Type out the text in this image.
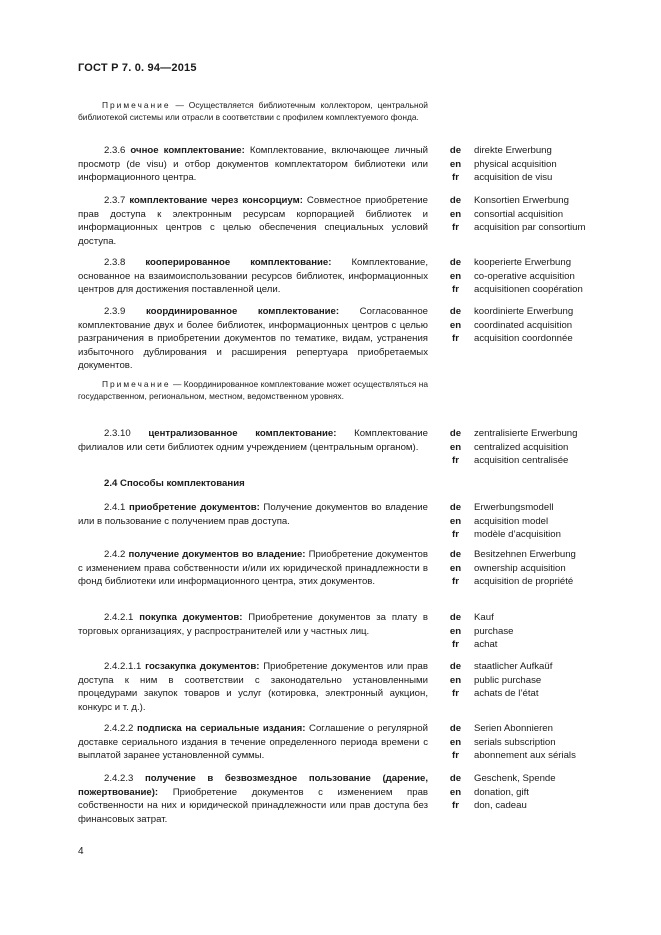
ГОСТ Р 7. 0. 94—2015
Примечание — Осуществляется библиотечным коллектором, центральной библиотекой системы или отрасли в соответствии с профилем комплектуемого фонда.
2.3.6 очное комплектование: Комплектование, включающее личный просмотр (de visu) и отбор документов комплектатором библиотеки или информационного центра.
de	direkte Erwerbung
en	physical acquisition
fr	acquisition de visu
2.3.7 комплектование через консорциум: Совместное приобретение прав доступа к электронным ресурсам корпорацией библиотек и информационных центров с целью обеспечения специальных условий доступа.
de	Konsortien Erwerbung
en	consortial acquisition
fr	acquisition par consortium
2.3.8 кооперированное комплектование: Комплектование, основанное на взаимоиспользовании ресурсов библиотек, информационных центров для достижения поставленной цели.
de	kooperierte Erwerbung
en	co-operative acquisition
fr	acquisitionen coopération
2.3.9 координированное комплектование: Согласованное комплектование двух и более библиотек, информационных центров с целью разграничения в приобретении документов по тематике, видам, устранения избыточного дублирования и расширения репертуара приобретаемых документов.
de	koordinierte Erwerbung
en	coordinated acquisition
fr	acquisition coordonnée
Примечание — Координированное комплектование может осуществляться на государственном, региональном, местном, ведомственном уровнях.
2.3.10 централизованное комплектование: Комплектование филиалов или сети библиотек одним учреждением (центральным органом).
de	zentralisierte Erwerbung
en	centralized acquisition
fr	acquisition centralisée
2.4 Способы комплектования
2.4.1 приобретение документов: Получение документов во владение или в пользование с получением прав доступа.
de	Erwerbungsmodell
en	acquisition model
fr	modèle d’acquisition
2.4.2 получение документов во владение: Приобретение документов с изменением права собственности и/или их юридической принадлежности в фонд библиотеки или информационного центра, этих документов.
de	Besitzehnen Erwerbung
en	ownership acquisition
fr	acquisition de propriété
2.4.2.1 покупка документов: Приобретение документов за плату в торговых организациях, у распространителей или у частных лиц.
de	Kauf
en	purchase
fr	achat
2.4.2.1.1 госзакупка документов: Приобретение документов или прав доступа к ним в соответствии с законодательно установленными процедурами закупок товаров и услуг (котировка, электронный аукцион, конкурс и т. д.).
de	staatlicher Aufkaüf
en	public purchase
fr	achats de l’état
2.4.2.2 подписка на сериальные издания: Соглашение о регулярной доставке сериального издания в течение определенного периода времени с выплатой заранее установленной суммы.
de	Serien Abonnieren
en	serials subscription
fr	abonnement aux sérials
2.4.2.3 получение в безвозмездное пользование (дарение, пожертвование): Приобретение документов с изменением прав собственности на них и юридической принадлежности или прав доступа без финансовых затрат.
de	Geschenk, Spende
en	donation, gift
fr	don, cadeau
4
